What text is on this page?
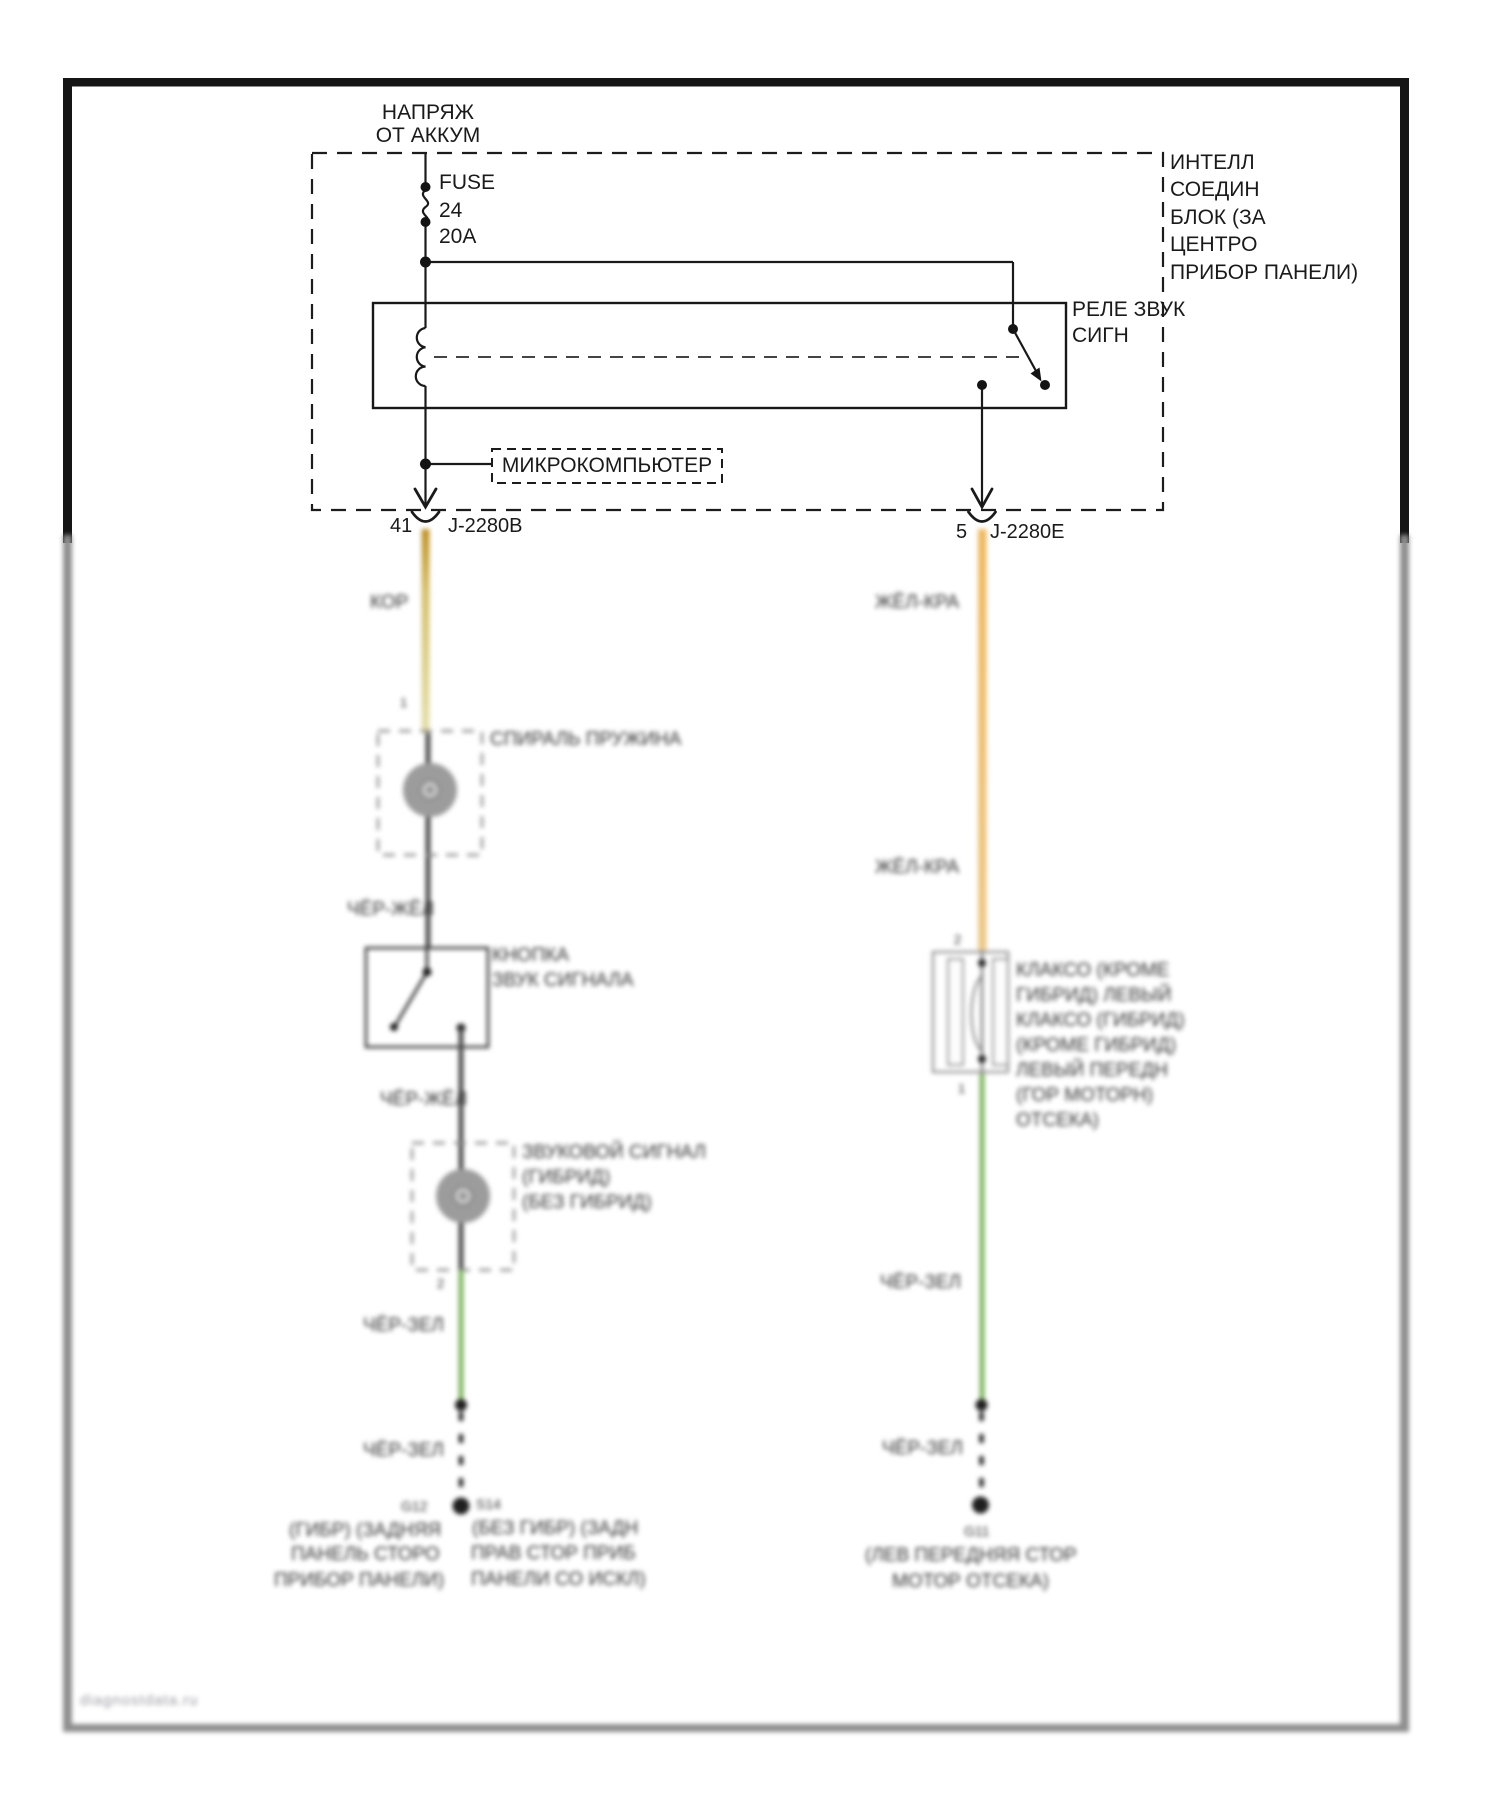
НАПРЯЖ
ОТ АККУМ
FUSE
24
20A
ИНТЕЛЛ
СОЕДИН
БЛОК (ЗА
ЦЕНТРО
ПРИБОР ПАНЕЛИ)
РЕЛЕ ЗВУК
СИГН
МИКРОКОМПЬЮТЕР
41 J-2280B	5 J-2280E
КОР
1
СПИРАЛЬ ПРУЖИНА
ЧЁР-ЖЁЛ
КНОПКА
ЗВУК СИГНАЛА
ЧЁР-ЖЁЛ
ЗВУКОВОЙ СИГНАЛ
(ГИБРИД)
(БЕЗ ГИБРИД)
2
ЧЁР-ЗЕЛ
ЧЁР-ЗЕЛ
G12	S14
(ГИБР) (ЗАДНЯЯ
ПАНЕЛЬ СТОРО
ПРИБОР ПАНЕЛИ)
(БЕЗ ГИБР) (ЗАДН
ПРАВ СТОР ПРИБ
ПАНЕЛИ СО ИСКЛ)
ЖЁЛ-КРА
ЖЁЛ-КРА
2
КЛАКСО (КРОМЕ
ГИБРИД) ЛЕВЫЙ
КЛАКСО (ГИБРИД)
(КРОМЕ ГИБРИД)
ЛЕВЫЙ ПЕРЕДН
(ГОР МОТОРН)
ОТСЕКА)
1
ЧЁР-ЗЕЛ
ЧЁР-ЗЕЛ
G11
(ЛЕВ ПЕРЕДНЯЯ СТОР
МОТОР ОТСЕКА)
diagnostdata.ru
